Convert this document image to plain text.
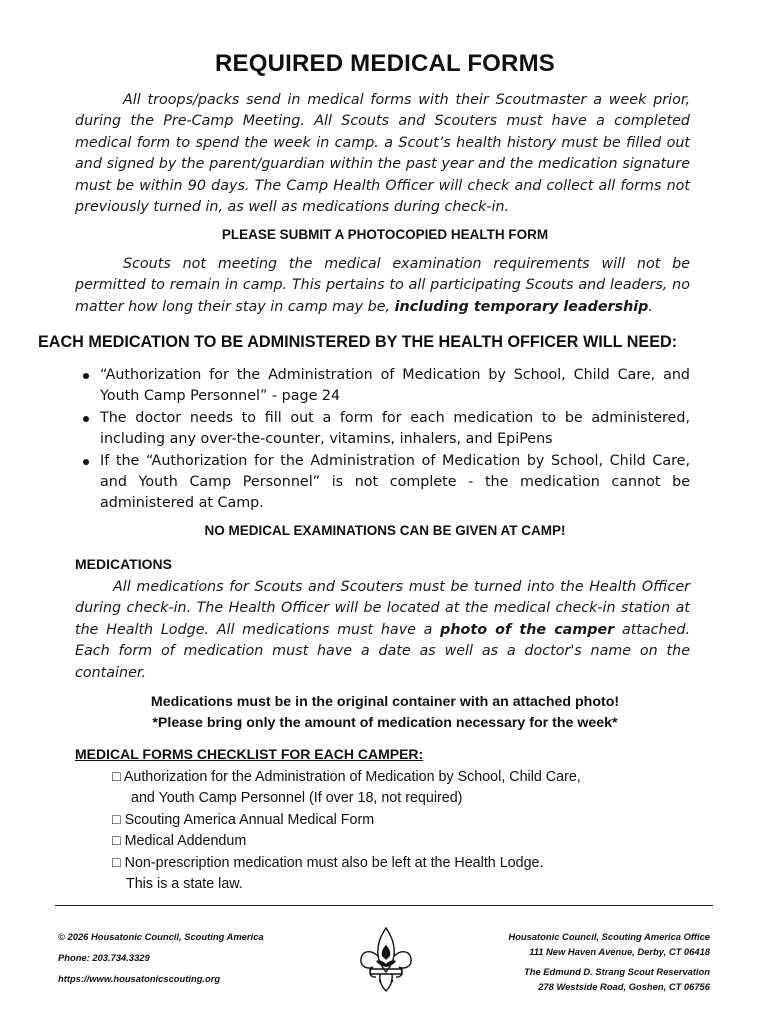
REQUIRED MEDICAL FORMS
All troops/packs send in medical forms with their Scoutmaster a week prior, during the Pre-Camp Meeting. All Scouts and Scouters must have a completed medical form to spend the week in camp. a Scout’s health history must be filled out and signed by the parent/guardian within the past year and the medication signature must be within 90 days. The Camp Health Officer will check and collect all forms not previously turned in, as well as medications during check-in.
PLEASE SUBMIT A PHOTOCOPIED HEALTH FORM
Scouts not meeting the medical examination requirements will not be permitted to remain in camp. This pertains to all participating Scouts and leaders, no matter how long their stay in camp may be, including temporary leadership.
EACH MEDICATION TO BE ADMINISTERED BY THE HEALTH OFFICER WILL NEED:
“Authorization for the Administration of Medication by School, Child Care, and Youth Camp Personnel” - page 24
The doctor needs to fill out a form for each medication to be administered, including any over-the-counter, vitamins, inhalers, and EpiPens
If the “Authorization for the Administration of Medication by School, Child Care, and Youth Camp Personnel” is not complete - the medication cannot be administered at Camp.
NO MEDICAL EXAMINATIONS CAN BE GIVEN AT CAMP!
MEDICATIONS
All medications for Scouts and Scouters must be turned into the Health Officer during check-in. The Health Officer will be located at the medical check-in station at the Health Lodge. All medications must have a photo of the camper attached. Each form of medication must have a date as well as a doctor's name on the container.
Medications must be in the original container with an attached photo!
*Please bring only the amount of medication necessary for the week*
MEDICAL FORMS CHECKLIST FOR EACH CAMPER:
□ Authorization for the Administration of Medication by School, Child Care,
and Youth Camp Personnel (If over 18, not required)
□ Scouting America Annual Medical Form
□ Medical Addendum
□ Non-prescription medication must also be left at the Health Lodge.
This is a state law.
© 2026 Housatonic Council, Scouting America
Phone: 203.734.3329
https://www.housatonicscouting.org
Housatonic Council, Scouting America Office
111 New Haven Avenue, Derby, CT 06418
The Edmund D. Strang Scout Reservation
278 Westside Road, Goshen, CT 06756
